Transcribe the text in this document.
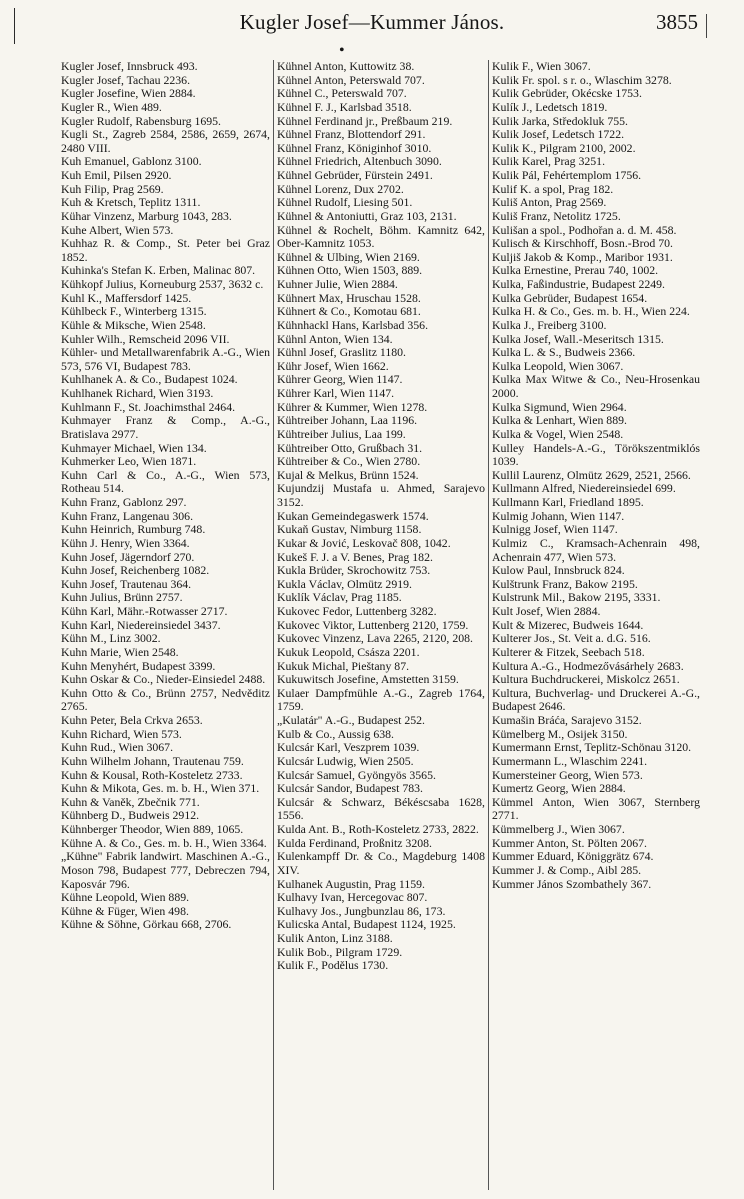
Kugler Josef—Kummer János.	3855
•

Kugler Josef, Innsbruck 493.

Kugler Josef, Tachau 2236.

Kugler Josefine, Wien 2884.

Kugler R., Wien 489.

Kugler Rudolf, Rabensburg 1695.

Kugli St., Zagreb 2584, 2586, 2659, 2674, 2480 VIII.

Kuh Emanuel, Gablonz 3100.

Kuh Emil, Pilsen 2920.

Kuh Filip, Prag 2569.

Kuh & Kretsch, Teplitz 1311.

Kühar Vinzenz, Marburg 1043, 283.

Kuhe Albert, Wien 573.

Kuhhaz R. & Comp., St. Peter bei Graz 1852.

Kuhinka's Stefan K. Erben, Malinac 807.

Kühkopf Julius, Korneuburg 2537, 3632 c.

Kuhl K., Maffersdorf 1425.

Kühlbeck F., Winterberg 1315.

Kühle & Miksche, Wien 2548.

Kuhler Wilh., Remscheid 2096 VII.

Kühler- und Metallwarenfabrik A.-G., Wien 573, 576 VI, Budapest 783.

Kuhlhanek A. & Co., Budapest 1024.

Kuhlhanek Richard, Wien 3193.

Kuhlmann F., St. Joachimsthal 2464.

Kuhmayer Franz & Comp., A.-G., Bratislava 2977.

Kuhmayer Michael, Wien 134.

Kuhmerker Leo, Wien 1871.

Kuhn Carl & Co., A.-G., Wien 573, Rotheau 514.

Kuhn Franz, Gablonz 297.

Kuhn Franz, Langenau 306.

Kuhn Heinrich, Rumburg 748.

Kühn J. Henry, Wien 3364.

Kuhn Josef, Jägerndorf 270.

Kuhn Josef, Reichenberg 1082.

Kuhn Josef, Trautenau 364.

Kuhn Julius, Brünn 2757.

Kühn Karl, Mähr.-Rotwasser 2717.

Kuhn Karl, Niedereinsiedel 3437.

Kühn M., Linz 3002.

Kuhn Marie, Wien 2548.

Kuhn Menyhért, Budapest 3399.

Kuhn Oskar & Co., Nieder-Einsiedel 2488.

Kuhn Otto & Co., Brünn 2757, Nedvěditz 2765.

Kuhn Peter, Bela Crkva 2653.

Kuhn Richard, Wien 573.

Kuhn Rud., Wien 3067.

Kuhn Wilhelm Johann, Trautenau 759.

Kuhn & Kousal, Roth-Kosteletz 2733.

Kuhn & Mikota, Ges. m. b. H., Wien 371.

Kuhn & Vaněk, Zbečnik 771.

Kühnberg D., Budweis 2912.

Kühnberger Theodor, Wien 889, 1065.

Kühne A. & Co., Ges. m. b. H., Wien 3364.

„Kühne" Fabrik landwirt. Maschinen A.-G., Moson 798, Budapest 777, Debreczen 794, Kaposvár 796.

Kühne Leopold, Wien 889.

Kühne & Füger, Wien 498.

Kühne & Söhne, Görkau 668, 2706.

Kühnel Anton, Kuttowitz 38.

Kühnel Anton, Peterswald 707.

Kühnel C., Peterswald 707.

Kühnel F. J., Karlsbad 3518.

Kühnel Ferdinand jr., Preßbaum 219.

Kühnel Franz, Blottendorf 291.

Kühnel Franz, Königinhof 3010.

Kühnel Friedrich, Altenbuch 3090.

Kühnel Gebrüder, Fürstein 2491.

Kühnel Lorenz, Dux 2702.

Kühnel Rudolf, Liesing 501.

Kühnel & Antoniutti, Graz 103, 2131.

Kühnel & Rochelt, Böhm. Kamnitz 642, Ober-Kamnitz 1053.

Kühnel & Ulbing, Wien 2169.

Kühnen Otto, Wien 1503, 889.

Kuhner Julie, Wien 2884.

Kühnert Max, Hruschau 1528.

Kühnert & Co., Komotau 681.

Kühnhackl Hans, Karlsbad 356.

Kühnl Anton, Wien 134.

Kühnl Josef, Graslitz 1180.

Kühr Josef, Wien 1662.

Kührer Georg, Wien 1147.

Kührer Karl, Wien 1147.

Kührer & Kummer, Wien 1278.

Kühtreiber Johann, Laa 1196.

Kühtreiber Julius, Laa 199.

Kühtreiber Otto, Grußbach 31.

Kühtreiber & Co., Wien 2780.

Kujal & Melkus, Brünn 1524.

Kujundzij Mustafa u. Ahmed, Sarajevo 3152.

Kukan Gemeindegaswerk 1574.

Kukaň Gustav, Nimburg 1158.

Kukar & Jović, Leskovač 808, 1042.

Kukeš F. J. a V. Benes, Prag 182.

Kukla Brüder, Skrochowitz 753.

Kukla Václav, Olmütz 2919.

Kuklík Václav, Prag 1185.

Kukovec Fedor, Luttenberg 3282.

Kukovec Viktor, Luttenberg 2120, 1759.

Kukovec Vinzenz, Lava 2265, 2120, 208.

Kukuk Leopold, Császa 2201.

Kukuk Michal, Pieštany 87.

Kukuwitsch Josefine, Amstetten 3159.

Kulaer Dampfmühle A.-G., Zagreb 1764, 1759.

„Kulatár" A.-G., Budapest 252.

Kulb & Co., Aussig 638.

Kulcsár Karl, Veszprem 1039.

Kulcsár Ludwig, Wien 2505.

Kulcsár Samuel, Gyöngyös 3565.

Kulcsár Sandor, Budapest 783.

Kulcsár & Schwarz, Békéscsaba 1628, 1556.

Kulda Ant. B., Roth-Kosteletz 2733, 2822.

Kulda Ferdinand, Proßnitz 3208.

Kulenkampff Dr. & Co., Magdeburg 1408 XIV.

Kulhanek Augustin, Prag 1159.

Kulhavy Ivan, Hercegovac 807.

Kulhavy Jos., Jungbunzlau 86, 173.

Kulicska Antal, Budapest 1124, 1925.

Kulik Anton, Linz 3188.

Kulik Bob., Pilgram 1729.

Kulik F., Podělus 1730.

Kulik F., Wien 3067.

Kulik Fr. spol. s r. o., Wlaschim 3278.

Kulik Gebrüder, Okécske 1753.

Kulík J., Ledetsch 1819.

Kulik Jarka, Středokluk 755.

Kulik Josef, Ledetsch 1722.

Kulik K., Pilgram 2100, 2002.

Kulik Karel, Prag 3251.

Kulik Pál, Fehértemplom 1756.

Kulif K. a spol, Prag 182.

Kuliš Anton, Prag 2569.

Kuliš Franz, Netolitz 1725.

Kulišan a spol., Podhořan a. d. M. 458.

Kulisch & Kirschhoff, Bosn.-Brod 70.

Kuljiš Jakob & Komp., Maribor 1931.

Kulka Ernestine, Prerau 740, 1002.

Kulka, Faßindustrie, Budapest 2249.

Kulka Gebrüder, Budapest 1654.

Kulka H. & Co., Ges. m. b. H., Wien 224.

Kulka J., Freiberg 3100.

Kulka Josef, Wall.-Meseritsch 1315.

Kulka L. & S., Budweis 2366.

Kulka Leopold, Wien 3067.

Kulka Max Witwe & Co., Neu-Hrosenkau 2000.

Kulka Sigmund, Wien 2964.

Kulka & Lenhart, Wien 889.

Kulka & Vogel, Wien 2548.

Kulley Handels-A.-G., Törökszentmiklós 1039.

Kullil Laurenz, Olmütz 2629, 2521, 2566.

Kullmann Alfred, Niedereinsiedel 699.

Kullmann Karl, Friedland 1895.

Kulmig Johann, Wien 1147.

Kulnigg Josef, Wien 1147.

Kulmiz C., Kramsach-Achenrain 498, Achenrain 477, Wien 573.

Kulow Paul, Innsbruck 824.

Kulštrunk Franz, Bakow 2195.

Kulstrunk Mil., Bakow 2195, 3331.

Kult Josef, Wien 2884.

Kult & Mizerec, Budweis 1644.

Kulterer Jos., St. Veit a. d.G. 516.

Kulterer & Fitzek, Seebach 518.

Kultura A.-G., Hodmezővásárhely 2683.

Kultura Buchdruckerei, Miskolcz 2651.

Kultura, Buchverlag- und Druckerei A.-G., Budapest 2646.

Kumašin Bráća, Sarajevo 3152.

Kümelberg M., Osijek 3150.

Kumermann Ernst, Teplitz-Schönau 3120.

Kumermann L., Wlaschim 2241.

Kumersteiner Georg, Wien 573.

Kumertz Georg, Wien 2884.

Kümmel Anton, Wien 3067, Sternberg 2771.

Kümmelberg J., Wien 3067.

Kummer Anton, St. Pölten 2067.

Kummer Eduard, Königgrätz 674.

Kummer J. & Comp., Aibl 285.

Kummer János Szombathely 367.
